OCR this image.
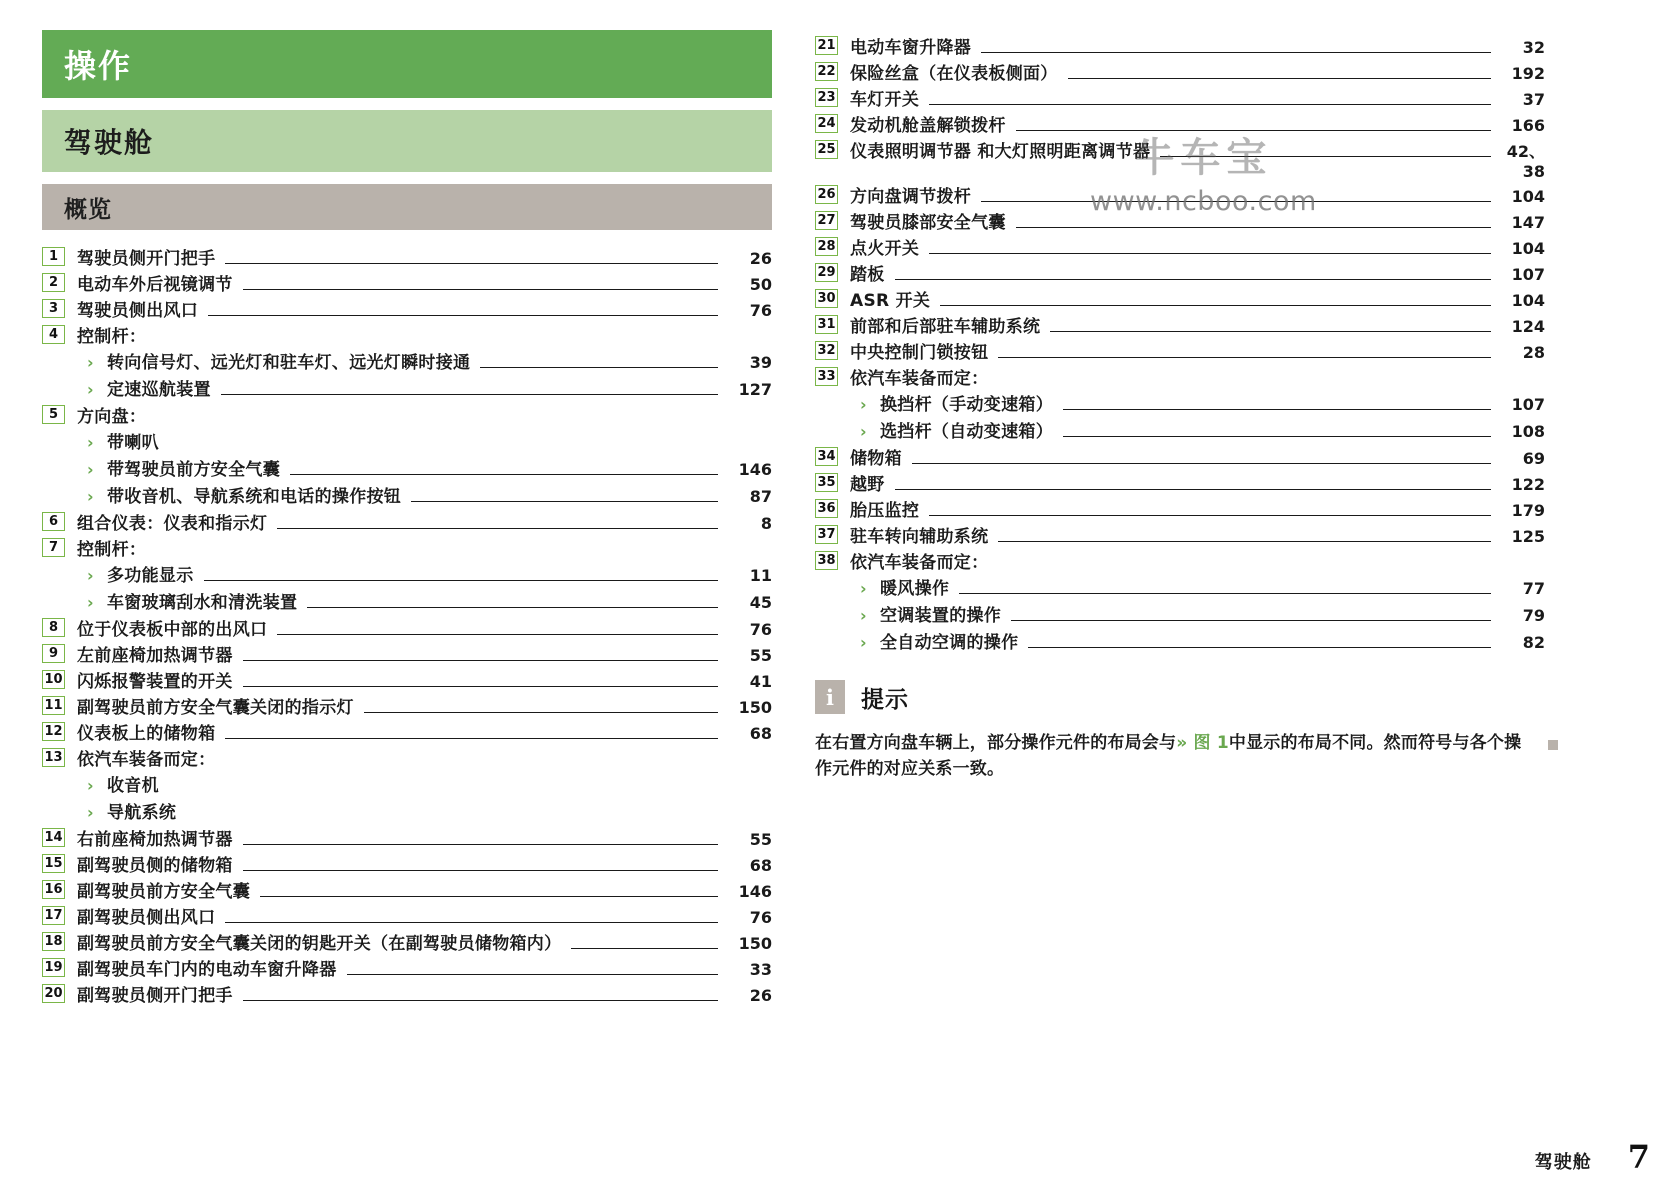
操作
驾驶舱
概览
1	驾驶员侧开门把手	26
2	电动车外后视镜调节	50
3	驾驶员侧出风口	76
4	控制杆：
› 转向信号灯、远光灯和驻车灯、远光灯瞬时接通	39
› 定速巡航装置	127
5	方向盘：
› 带喇叭
› 带驾驶员前方安全气囊	146
› 带收音机、导航系统和电话的操作按钮	87
6	组合仪表：仪表和指示灯	8
7	控制杆：
› 多功能显示	11
› 车窗玻璃刮水和清洗装置	45
8	位于仪表板中部的出风口	76
9	左前座椅加热调节器	55
10 闪烁报警装置的开关	41
11 副驾驶员前方安全气囊关闭的指示灯	150
12 仪表板上的储物箱	68
13 依汽车装备而定：
› 收音机
› 导航系统
14 右前座椅加热调节器	55
15 副驾驶员侧的储物箱	68
16 副驾驶员前方安全气囊	146
17 副驾驶员侧出风口	76
18 副驾驶员前方安全气囊关闭的钥匙开关（在副驾驶员储物箱内）	150
19 副驾驶员车门内的电动车窗升降器	33
20 副驾驶员侧开门把手	26
21 电动车窗升降器	32
22 保险丝盒（在仪表板侧面）	192
23 车灯开关	37
24 发动机舱盖解锁拨杆	166
25 仪表照明调节器 和大灯照明距离调节器	42、38
26 方向盘调节拨杆	104
27 驾驶员膝部安全气囊	147
28 点火开关	104
29 踏板	107
30 ASR 开关	104
31 前部和后部驻车辅助系统	124
32 中央控制门锁按钮	28
33 依汽车装备而定：
› 换挡杆（手动变速箱）	107
› 选挡杆（自动变速箱）	108
34 储物箱	69
35 越野	122
36 胎压监控	179
37 驻车转向辅助系统	125
38 依汽车装备而定：
› 暖风操作	77
› 空调装置的操作	79
› 全自动空调的操作	82
i	提示
在右置方向盘车辆上，部分操作元件的布局会与» 图 1中显示的布局不同。然而符号与各个操作元件的对应关系一致。
牛车宝
www.ncboo.com
驾驶舱 7
